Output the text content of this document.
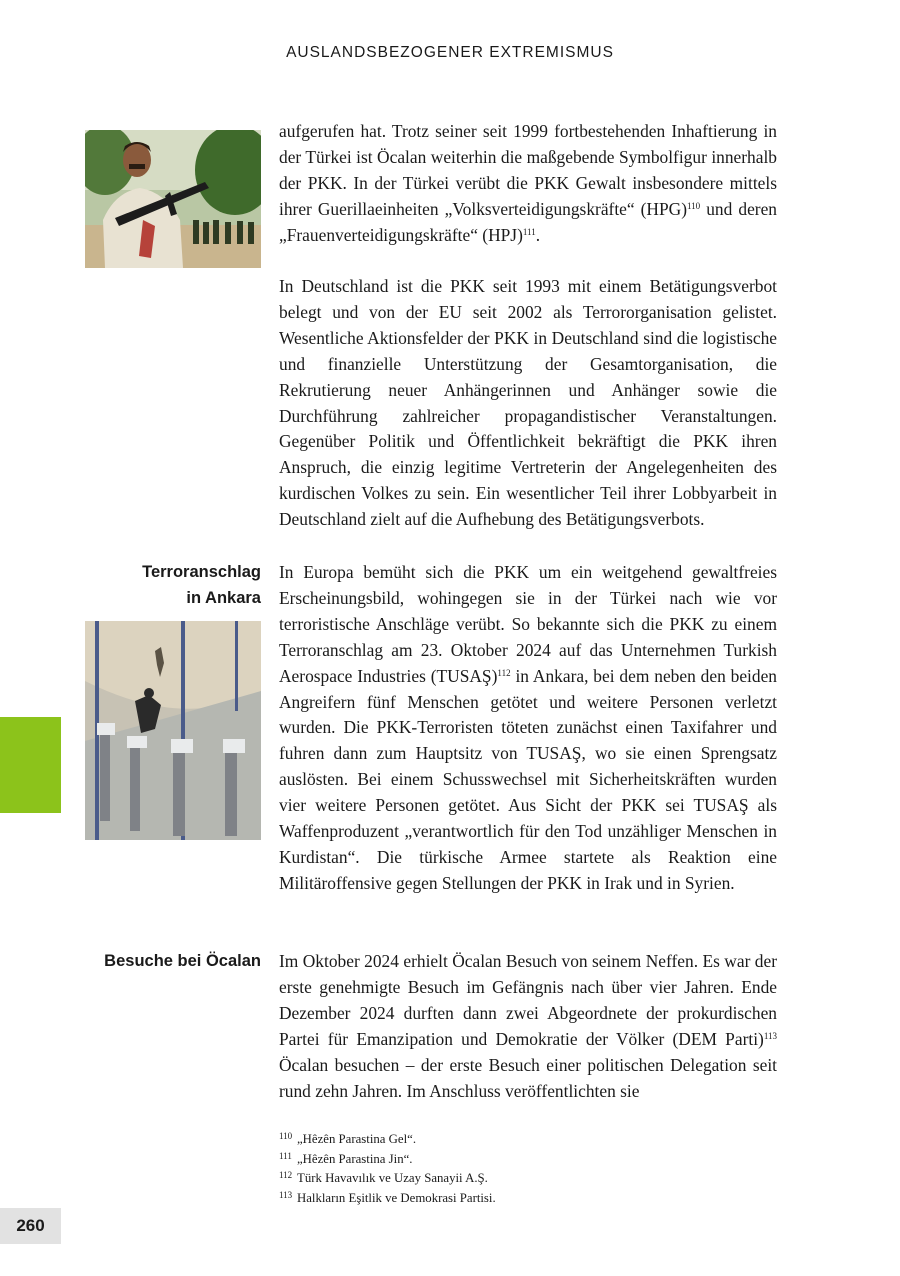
AUSLANDSBEZOGENER EXTREMISMUS

aufgerufen hat. Trotz seiner seit 1999 fortbestehenden Inhaftierung in der Türkei ist Öcalan weiterhin die maßgebende Symbolfigur innerhalb der PKK. In der Türkei verübt die PKK Gewalt insbesondere mittels ihrer Guerillaeinheiten „Volksverteidigungskräfte“ (HPG)$^{110}$ und deren „Frauenverteidigungskräfte“ (HPJ)$^{111}$.

In Deutschland ist die PKK seit 1993 mit einem Betätigungsverbot belegt und von der EU seit 2002 als Terrororganisation gelistet. Wesentliche Aktionsfelder der PKK in Deutschland sind die logistische und finanzielle Unterstützung der Gesamtorganisation, die Rekrutierung neuer Anhängerinnen und Anhänger sowie die Durchführung zahlreicher propagandistischer Veranstaltungen. Gegenüber Politik und Öffentlichkeit bekräftigt die PKK ihren Anspruch, die einzig legitime Vertreterin der Angelegenheiten des kurdischen Volkes zu sein. Ein wesentlicher Teil ihrer Lobbyarbeit in Deutschland zielt auf die Aufhebung des Betätigungsverbots.

Terroranschlag
in Ankara

In Europa bemüht sich die PKK um ein weitgehend gewaltfreies Erscheinungsbild, wohingegen sie in der Türkei nach wie vor terroristische Anschläge verübt. So bekannte sich die PKK zu einem Terroranschlag am 23. Oktober 2024 auf das Unternehmen Turkish Aerospace Industries (TUSAŞ)$^{112}$ in Ankara, bei dem neben den beiden Angreifern fünf Menschen getötet und weitere Personen verletzt wurden. Die PKK-Terroristen töteten zunächst einen Taxifahrer und fuhren dann zum Hauptsitz von TUSAŞ, wo sie einen Sprengsatz auslösten. Bei einem Schusswechsel mit Sicherheitskräften wurden vier weitere Personen getötet. Aus Sicht der PKK sei TUSAŞ als Waffenproduzent „verantwortlich für den Tod unzähliger Menschen in Kurdistan“. Die türkische Armee startete als Reaktion eine Militäroffensive gegen Stellungen der PKK in Irak und in Syrien.

Besuche bei Öcalan Im Oktober 2024 erhielt Öcalan Besuch von seinem Neffen. Es war der erste genehmigte Besuch im Gefängnis nach über vier Jahren. Ende Dezember 2024 durften dann zwei Abgeordnete der prokurdischen Partei für Emanzipation und Demokratie der Völker (DEM Parti)$^{113}$ Öcalan besuchen – der erste Besuch einer politischen Delegation seit rund zehn Jahren. Im Anschluss veröffentlichten sie

$^{110}$ „Hêzên Parastina Gel“.
$^{111}$ „Hêzên Parastina Jin“.
$^{112}$ Türk Havavılık ve Uzay Sanayii A.Ş.
$^{113}$ Halkların Eşitlik ve Demokrasi Partisi.
260
